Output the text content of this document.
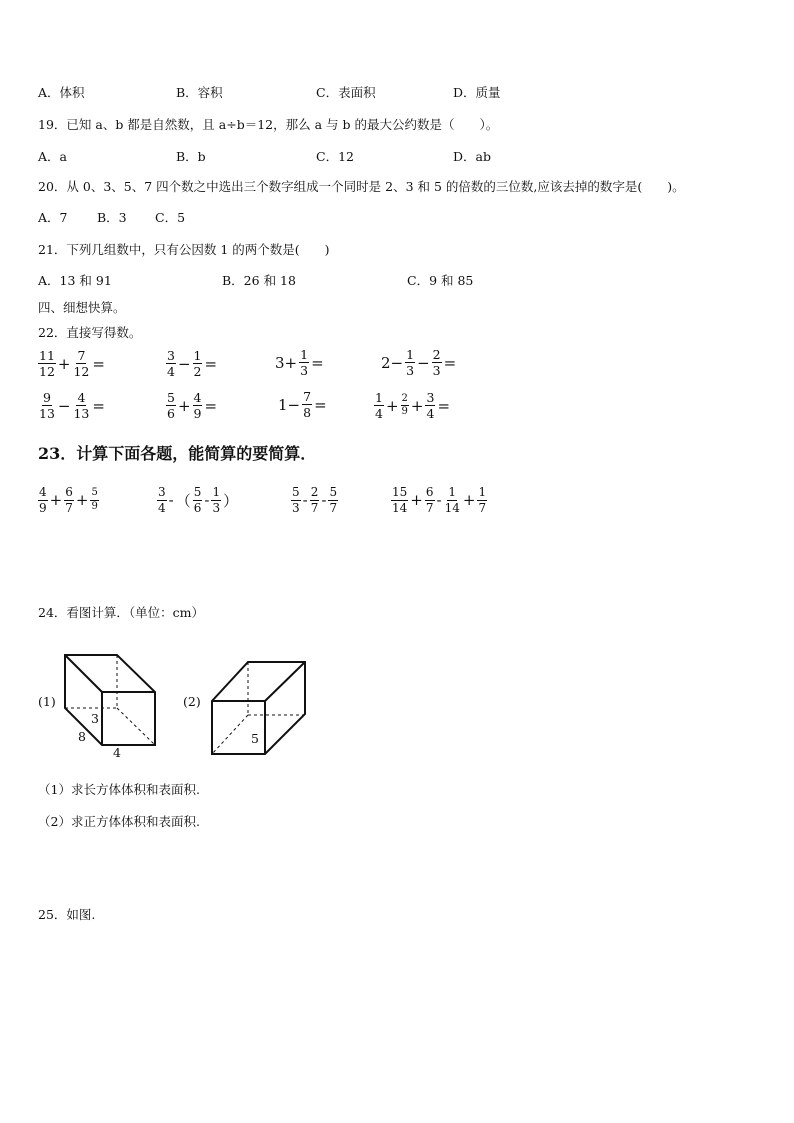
A．体积	B．容积	C．表面积	D．质量
19．已知 a、b 都是自然数，且 a÷b＝12，那么 a 与 b 的最大公约数是（　　）。
A．a	B．b	C．12	D．ab
20．从 0、3、5、7 四个数之中选出三个数字组成一个同时是 2、3 和 5 的倍数的三位数,应该去掉的数字是(　　)。
A．7 B．3 C．5
21．下列几组数中，只有公因数 1 的两个数是(　　)
A．13 和 91	B．26 和 18	C．9 和 85
四、细想快算。
22．直接写得数。
$\frac{11}{12} + \frac{7}{12}$ =	$\frac{3}{4} - \frac{1}{2}$ =	$3+ \frac{1}{3}$ =	$2- \frac{1}{3} - \frac{2}{3}$ =
$\frac{9}{13} - \frac{4}{13}$ =	$\frac{5}{6} + \frac{4}{9}$ =	$1- \frac{7}{8}$ =	$\frac{1}{4} + \frac{2}{9} + \frac{3}{4}$ =
23．计算下面各题，能简算的要简算．
$\frac{4}{9} + \frac{6}{7} + \frac{5}{9}$	$\frac{3}{4}$ - （ $\frac{5}{6} - \frac{1}{3}$ ）	$\frac{5}{3} - \frac{2}{7} - \frac{5}{7}$	$\frac{15}{14} + \frac{6}{7} - \frac{1}{14} + \frac{1}{7}$
24．看图计算．（单位：cm）
(1)
3
8
4
(2)
5
（1）求长方体体积和表面积.
（2）求正方体体积和表面积.
25．如图.
